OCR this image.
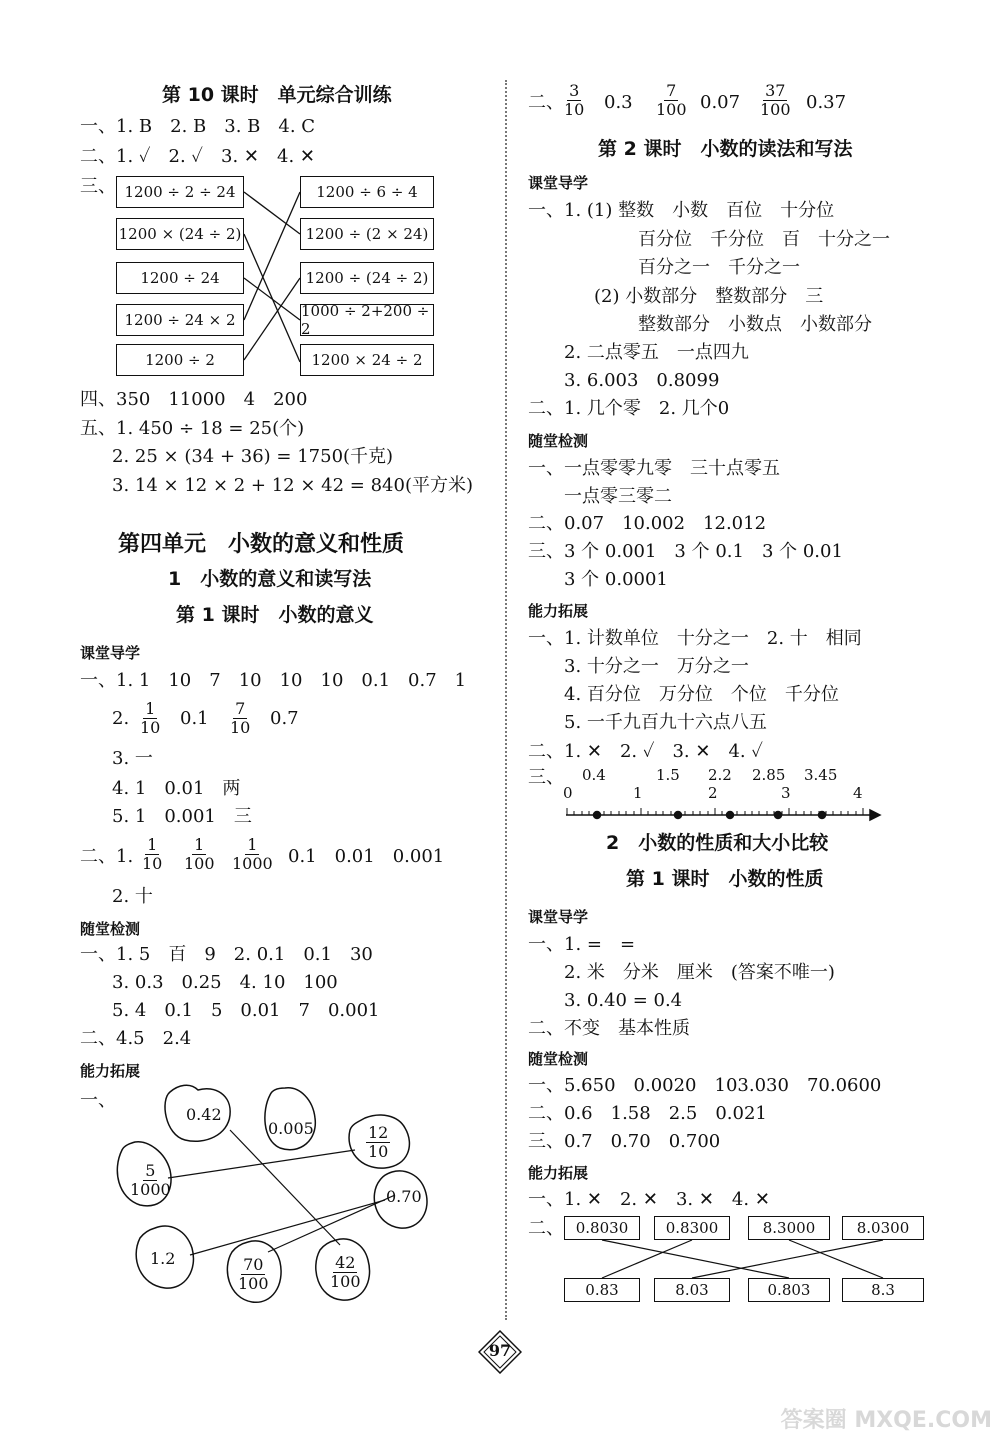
第 10 课时　单元综合训练
一、1. B　2. B　3. B　4. C
二、1. ✓　2. ✓　3. ✕　4. ✕
三、 1200 ÷ 2 ÷ 24
1200 × (24 ÷ 2)
1200 ÷ 24
1200 ÷ 24 × 2
1200 ÷ 2
1200 ÷ 6 ÷ 4
1200 ÷ (2 × 24)
1200 ÷ (24 ÷ 2)
1000 ÷ 2+200 ÷ 2
1200 × 24 ÷ 2
四、350　11000　4　200
五、1. 450 ÷ 18 = 25(个)
2. 25 × (34 + 36) = 1750(千克)
3. 14 × 12 × 2 + 12 × 42 = 840(平方米)
第四单元　小数的意义和性质
1　小数的意义和读写法
第 1 课时　小数的意义
课堂导学
一、1. 1　10　7　10　10　10　0.1　0.7　1
2. $\frac{1}{10} 0.1 \frac{7}{10} 0.7$
3. 一
4. 1　0.01　两
5. 1　0.001　三
二、1. $\frac{1}{10} \frac{1}{100} \frac{1}{1000} 0.1$　0.01　0.001
2. 十
随堂检测
一、1. 5　百　9　2. 0.1　0.1　30
3. 0.3　0.25　4. 10　100
5. 4　0.1　5　0.01　7　0.001
二、4.5　2.4
能力拓展
一、
0.42
0.005	$\frac{12}{10}$
$\frac{5}{1000}$	0.70
1.2	$\frac{70}{100}$	$\frac{42}{100}$
二、
$\frac{3}{10} 0.3 \frac{7}{100} 0.07 \frac{37}{100} 0.37$
第 2 课时　小数的读法和写法
课堂导学
一、1. (1) 整数　小数　百位　十分位
百分位　千分位　百　十分之一
百分之一　千分之一
(2) 小数部分　整数部分　三
整数部分　小数点　小数部分
2. 二点零五　一点四九
3. 6.003　0.8099
二、1. 几个零　2. 几个0
随堂检测
一、一点零零九零　三十点零五
一点零三零二
二、0.07　10.002　12.012
三、3 个 0.001　3 个 0.1　3 个 0.01
3 个 0.0001
能力拓展
一、1. 计数单位　十分之一　2. 十　相同
3. 十分之一　万分之一
4. 百分位　万分位　个位　千分位
5. 一千九百九十六点八五
二、1. ✕　2. ✓　3. ✕　4. ✓
三、 0.4	1.5 2.2 2.85 3.45
0	1	2	3	4
2　小数的性质和大小比较
第 1 课时　小数的性质
课堂导学
一、1. =　=
2. 米　分米　厘米　(答案不唯一)
3. 0.40 = 0.4
二、不变　基本性质
随堂检测
一、5.650　0.0020　103.030　70.0600
二、0.6　1.58　2.5　0.021
三、0.7　0.70　0.700
能力拓展
一、1. ✕　2. ✕　3. ✕　4. ✕
二、 0.8030	0.8300	8.3000	8.0300
0.83	8.03	0.803	8.3
97
答案圈 MXQE.COM
